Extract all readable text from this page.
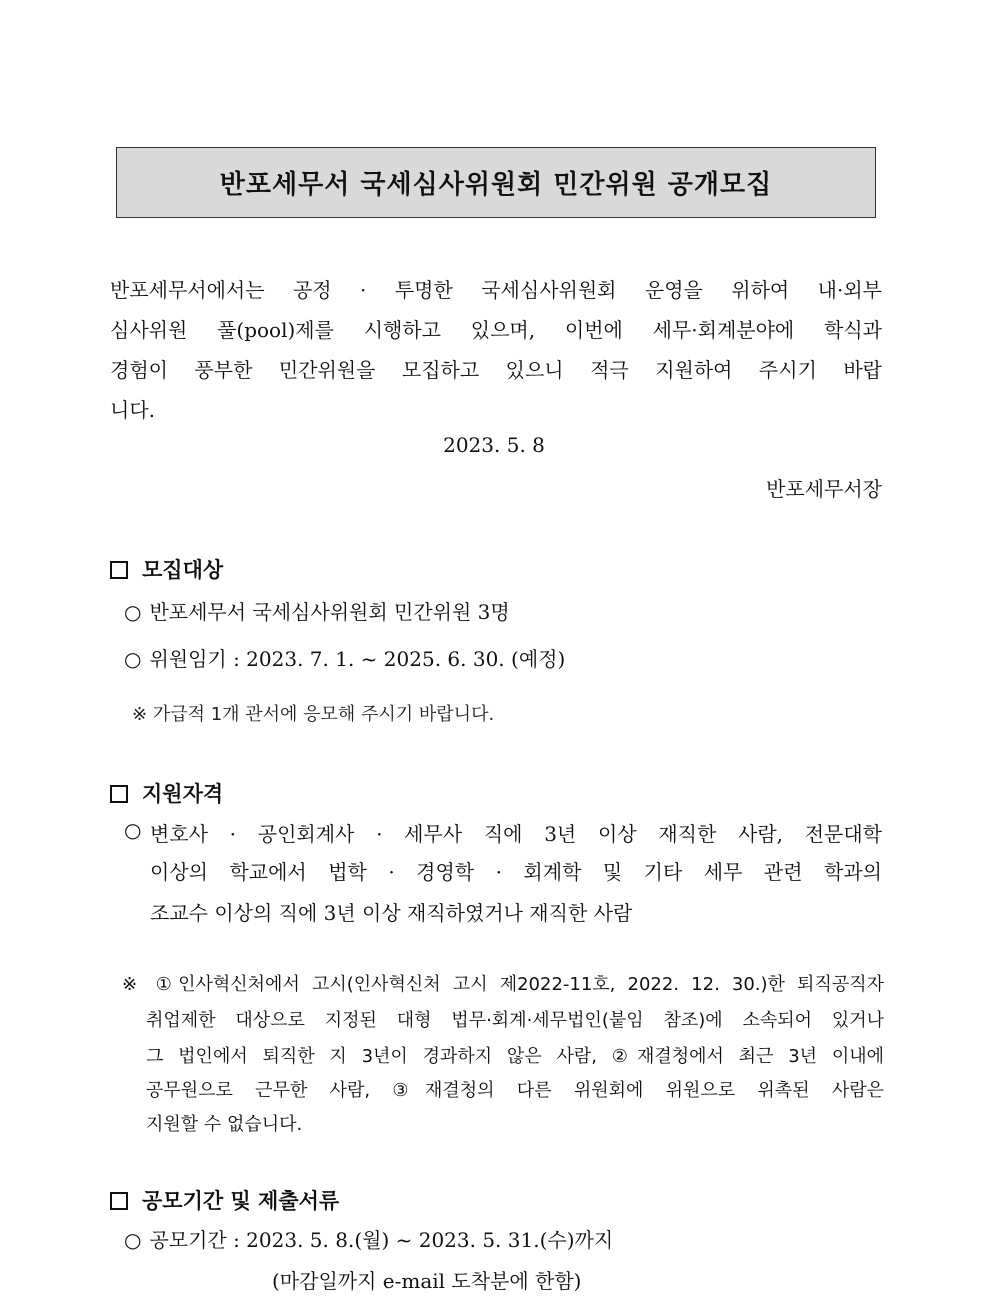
반포세무서 국세심사위원회 민간위원 공개모집
반포세무서에서는 공정 · 투명한 국세심사위원회 운영을 위하여 내·외부
심사위원 풀(pool)제를 시행하고 있으며, 이번에 세무·회계분야에 학식과
경험이 풍부한 민간위원을 모집하고 있으니 적극 지원하여 주시기 바랍
니다.
2023. 5. 8
반포세무서장
모집대상
○ 반포세무서 국세심사위원회 민간위원 3명
○ 위원임기 : 2023. 7. 1. ~ 2025. 6. 30. (예정)
※ 가급적 1개 관서에 응모해 주시기 바랍니다.
지원자격
○ 변호사 · 공인회계사 · 세무사 직에 3년 이상 재직한 사람, 전문대학
이상의 학교에서 법학 · 경영학 · 회계학 및 기타 세무 관련 학과의
조교수 이상의 직에 3년 이상 재직하였거나 재직한 사람
※ ①인사혁신처에서 고시(인사혁신처 고시 제2022-11호, 2022. 12. 30.)한 퇴직공직자
취업제한 대상으로 지정된 대형 법무·회계·세무법인(붙임 참조)에 소속되어 있거나
그 법인에서 퇴직한 지 3년이 경과하지 않은 사람, ②재결청에서 최근 3년 이내에
공무원으로 근무한 사람, ③재결청의 다른 위원회에 위원으로 위촉된 사람은
지원할 수 없습니다.
공모기간 및 제출서류
○ 공모기간 : 2023. 5. 8.(월) ~ 2023. 5. 31.(수)까지
(마감일까지 e-mail 도착분에 한함)
